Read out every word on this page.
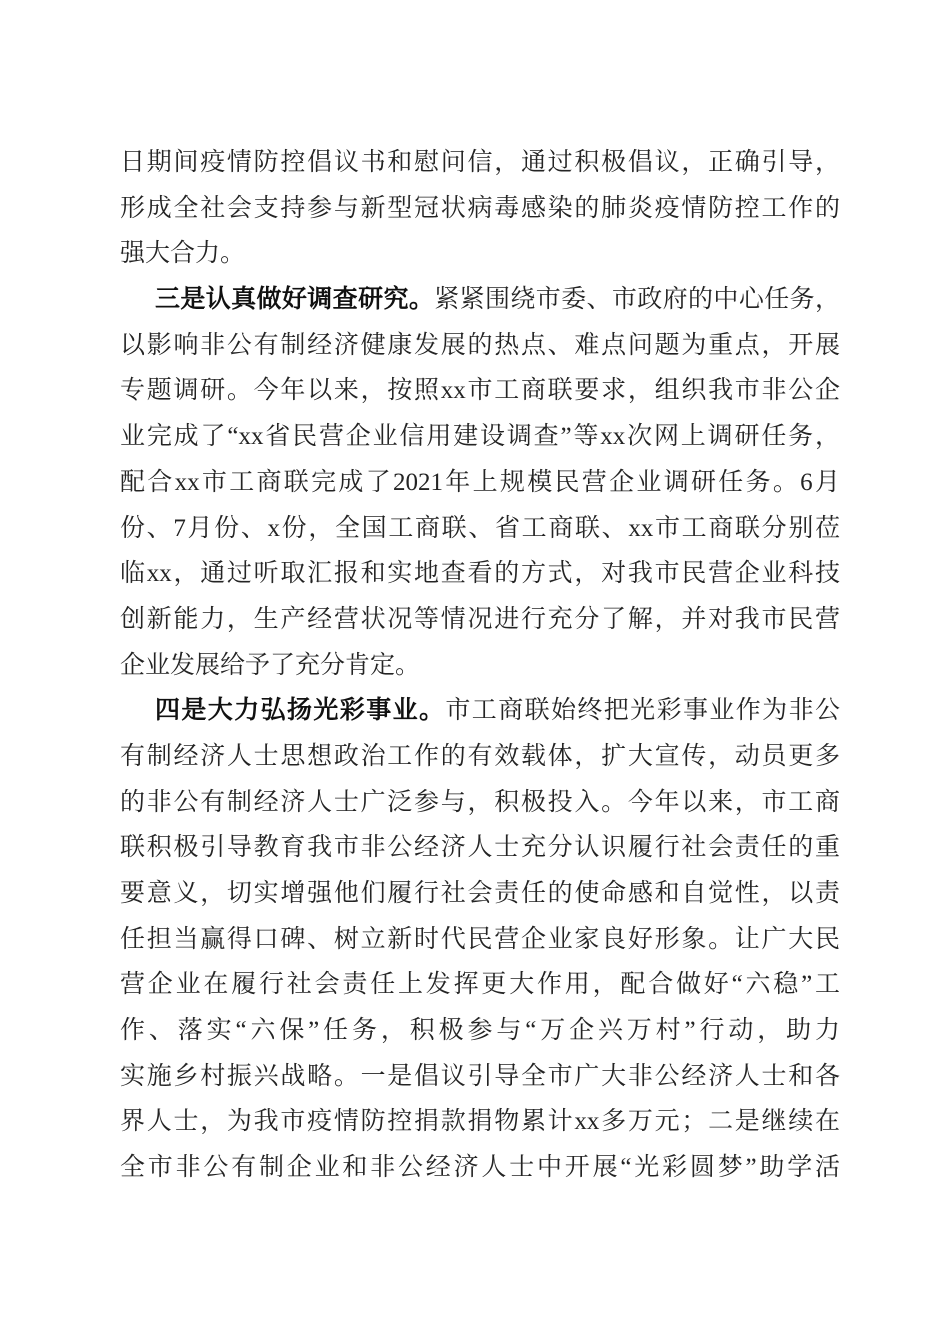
日期间疫情防控倡议书和慰问信，通过积极倡议，正确引导，
形成全社会支持参与新型冠状病毒感染的肺炎疫情防控工作的
强大合力。
三是认真做好调查研究。紧紧围绕市委、市政府的中心任务，
以影响非公有制经济健康发展的热点、难点问题为重点，开展
专题调研。今年以来，按照xx市工商联要求，组织我市非公企
业完成了“xx省民营企业信用建设调查”等xx次网上调研任务，
配合xx市工商联完成了2021年上规模民营企业调研任务。6月
份、7月份、x份，全国工商联、省工商联、xx市工商联分别莅
临xx，通过听取汇报和实地查看的方式，对我市民营企业科技
创新能力，生产经营状况等情况进行充分了解，并对我市民营
企业发展给予了充分肯定。
四是大力弘扬光彩事业。市工商联始终把光彩事业作为非公
有制经济人士思想政治工作的有效载体，扩大宣传，动员更多
的非公有制经济人士广泛参与，积极投入。今年以来，市工商
联积极引导教育我市非公经济人士充分认识履行社会责任的重
要意义，切实增强他们履行社会责任的使命感和自觉性，以责
任担当赢得口碑、树立新时代民营企业家良好形象。让广大民
营企业在履行社会责任上发挥更大作用，配合做好“六稳”工
作、落实“六保”任务，积极参与“万企兴万村”行动，助力
实施乡村振兴战略。一是倡议引导全市广大非公经济人士和各
界人士，为我市疫情防控捐款捐物累计xx多万元；二是继续在
全市非公有制企业和非公经济人士中开展“光彩圆梦”助学活
